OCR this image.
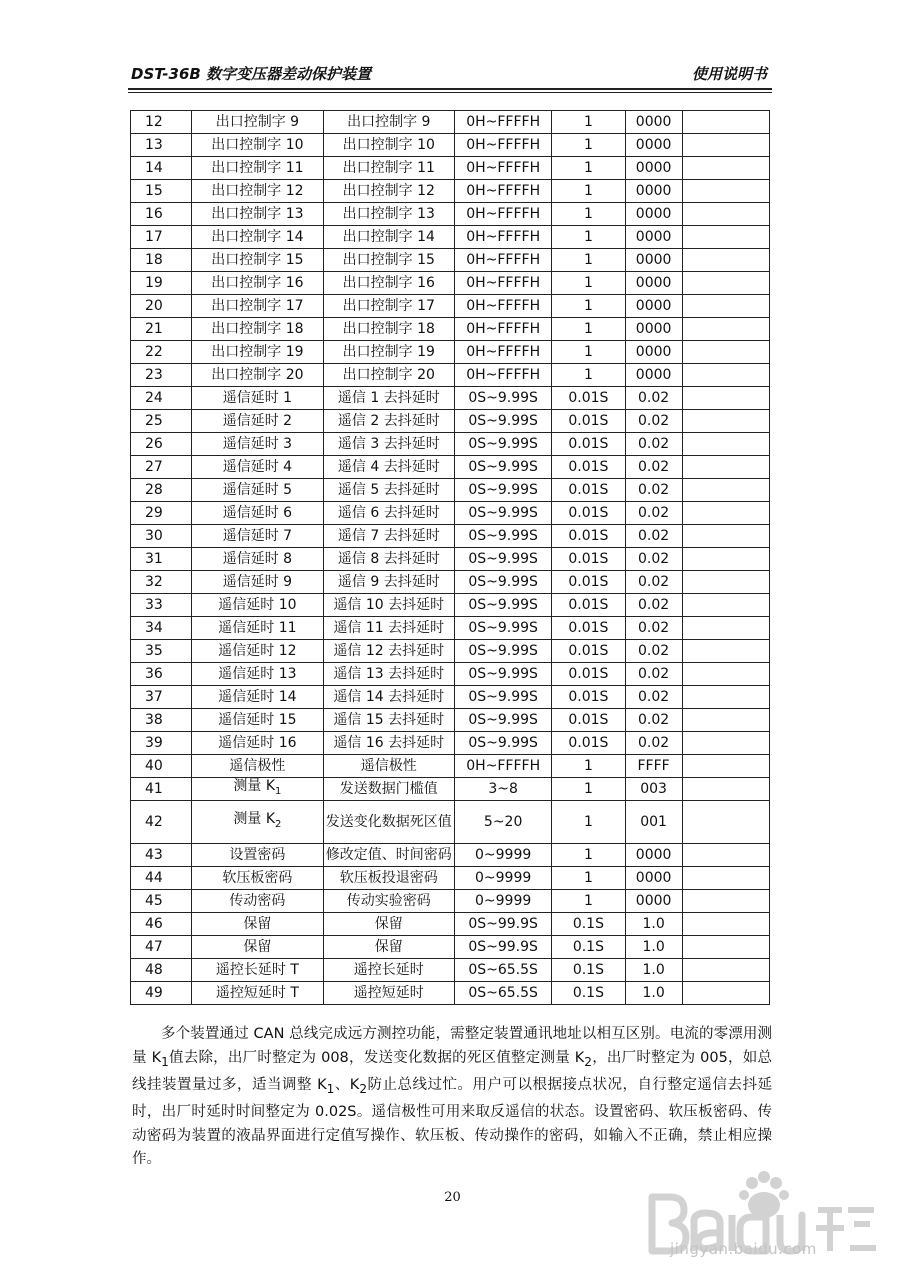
DST-36B 数字变压器差动保护装置	使用说明书
12	出口控制字 9	出口控制字 9	0H~FFFFH	1	0000	
13	出口控制字 10	出口控制字 10	0H~FFFFH	1	0000	
14	出口控制字 11	出口控制字 11	0H~FFFFH	1	0000	
15	出口控制字 12	出口控制字 12	0H~FFFFH	1	0000	
16	出口控制字 13	出口控制字 13	0H~FFFFH	1	0000	
17	出口控制字 14	出口控制字 14	0H~FFFFH	1	0000	
18	出口控制字 15	出口控制字 15	0H~FFFFH	1	0000	
19	出口控制字 16	出口控制字 16	0H~FFFFH	1	0000	
20	出口控制字 17	出口控制字 17	0H~FFFFH	1	0000	
21	出口控制字 18	出口控制字 18	0H~FFFFH	1	0000	
22	出口控制字 19	出口控制字 19	0H~FFFFH	1	0000	
23	出口控制字 20	出口控制字 20	0H~FFFFH	1	0000	
24	遥信延时 1	遥信 1 去抖延时	0S~9.99S	0.01S	0.02	
25	遥信延时 2	遥信 2 去抖延时	0S~9.99S	0.01S	0.02	
26	遥信延时 3	遥信 3 去抖延时	0S~9.99S	0.01S	0.02	
27	遥信延时 4	遥信 4 去抖延时	0S~9.99S	0.01S	0.02	
28	遥信延时 5	遥信 5 去抖延时	0S~9.99S	0.01S	0.02	
29	遥信延时 6	遥信 6 去抖延时	0S~9.99S	0.01S	0.02	
30	遥信延时 7	遥信 7 去抖延时	0S~9.99S	0.01S	0.02	
31	遥信延时 8	遥信 8 去抖延时	0S~9.99S	0.01S	0.02	
32	遥信延时 9	遥信 9 去抖延时	0S~9.99S	0.01S	0.02	
33	遥信延时 10	遥信 10 去抖延时	0S~9.99S	0.01S	0.02	
34	遥信延时 11	遥信 11 去抖延时	0S~9.99S	0.01S	0.02	
35	遥信延时 12	遥信 12 去抖延时	0S~9.99S	0.01S	0.02	
36	遥信延时 13	遥信 13 去抖延时	0S~9.99S	0.01S	0.02	
37	遥信延时 14	遥信 14 去抖延时	0S~9.99S	0.01S	0.02	
38	遥信延时 15	遥信 15 去抖延时	0S~9.99S	0.01S	0.02	
39	遥信延时 16	遥信 16 去抖延时	0S~9.99S	0.01S	0.02	
40	遥信极性	遥信极性	0H~FFFFH	1	FFFF	
41	测量 $K_1$	发送数据门槛值	3~8	1	003	
42	测量 $K_2$	发送变化数据死区值	5~20	1	001	
43	设置密码	修改定值、时间密码	0~9999	1	0000	
44	软压板密码	软压板投退密码	0~9999	1	0000	
45	传动密码	传动实验密码	0~9999	1	0000	
46	保留	保留	0S~99.9S	0.1S	1.0	
47	保留	保留	0S~99.9S	0.1S	1.0	
48	遥控长延时 T	遥控长延时	0S~65.5S	0.1S	1.0	
49	遥控短延时 T	遥控短延时	0S~65.5S	0.1S	1.0	

多个装置通过 CAN 总线完成远方测控功能，需整定装置通讯地址以相互区别。电流的零漂用测量 $K_1$值去除，出厂时整定为 008，发送变化数据的死区值整定测量 $K_2$，出厂时整定为 005，如总线挂装置量过多，适当调整 $K_1$、$K_2$防止总线过忙。用户可以根据接点状况，自行整定遥信去抖延时，出厂时延时时间整定为 0.02S。遥信极性可用来取反遥信的状态。设置密码、软压板密码、传动密码为装置的液晶界面进行定值写操作、软压板、传动操作的密码，如输入不正确，禁止相应操作。

20
jingyan.baidu.com
